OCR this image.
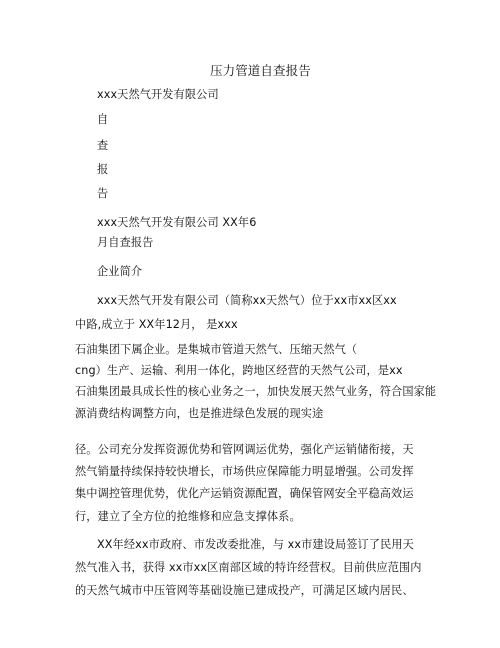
压力管道自查报告
xxx天然气开发有限公司
自
查
报
告
xxx天然气开发有限公司 XX年6
月自查报告
企业简介
xxx天然气开发有限公司（简称xx天然气）位于xx市xx区xx
中路,成立于 XX年12月， 是xxx
石油集团下属企业。是集城市管道天然气、压缩天然气（
cng）生产、运输、利用一体化，跨地区经营的天然气公司，是xx
石油集团最具成长性的核心业务之一，加快发展天然气业务，符合国家能
源消费结构调整方向，也是推进绿色发展的现实途
径。公司充分发挥资源优势和管网调运优势，强化产运销储衔接，天
然气销量持续保持较快增长，市场供应保障能力明显增强。公司发挥
集中调控管理优势，优化产运销资源配置，确保管网安全平稳高效运
行，建立了全方位的抢维修和应急支撑体系。
XX年经xx市政府、市发改委批准，与 xx市建设局签订了民用天
然气准入书，获得 xx市xx区南部区域的特许经营权。目前供应范围内
的天然气城市中压管网等基础设施已建成投产，可满足区域内居民、
